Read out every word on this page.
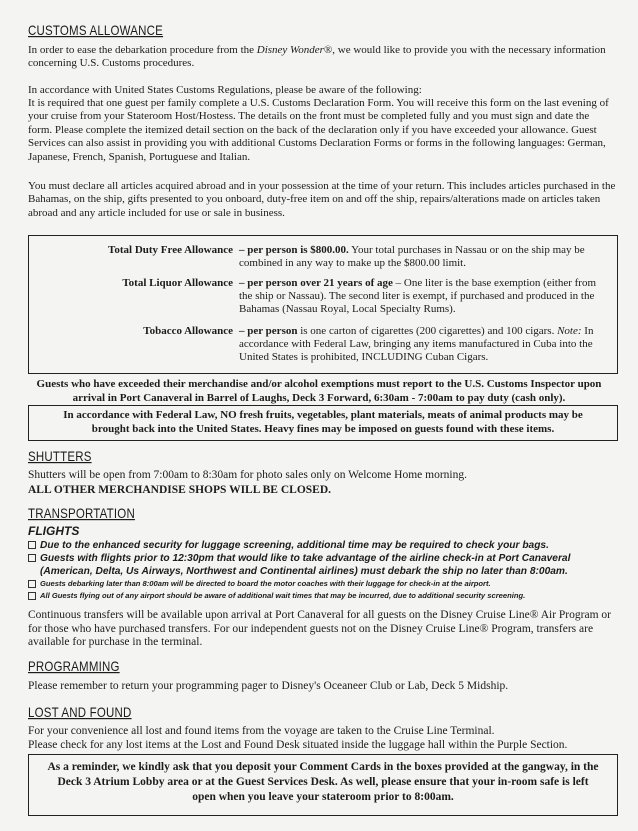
CUSTOMS ALLOWANCE

In order to ease the debarkation procedure from the Disney Wonder®, we would like to provide you with the necessary information concerning U.S. Customs procedures.

In accordance with United States Customs Regulations, please be aware of the following:

It is required that one guest per family complete a U.S. Customs Declaration Form. You will receive this form on the last evening of your cruise from your Stateroom Host/Hostess. The details on the front must be completed fully and you must sign and date the form. Please complete the itemized detail section on the back of the declaration only if you have exceeded your allowance. Guest Services can also assist in providing you with additional Customs Declaration Forms or forms in the following languages: German, Japanese, French, Spanish, Portuguese and Italian.

You must declare all articles acquired abroad and in your possession at the time of your return. This includes articles purchased in the Bahamas, on the ship, gifts presented to you onboard, duty-free item on and off the ship, repairs/alterations made on articles taken abroad and any article included for use or sale in business.

Total Duty Free Allowance – per person is $800.00. Your total purchases in Nassau or on the ship may be combined in any way to make up the $800.00 limit.
Total Liquor Allowance – per person over 21 years of age – One liter is the base exemption (either from the ship or Nassau). The second liter is exempt, if purchased and produced in the Bahamas (Nassau Royal, Local Specialty Rums).
Tobacco Allowance – per person is one carton of cigarettes (200 cigarettes) and 100 cigars. Note: In accordance with Federal Law, bringing any items manufactured in Cuba into the United States is prohibited, INCLUDING Cuban Cigars.
Guests who have exceeded their merchandise and/or alcohol exemptions must report to the U.S. Customs Inspector upon arrival in Port Canaveral in Barrel of Laughs, Deck 3 Forward, 6:30am - 7:00am to pay duty (cash only).
In accordance with Federal Law, NO fresh fruits, vegetables, plant materials, meats of animal products may be brought back into the United States. Heavy fines may be imposed on guests found with these items.
SHUTTERS

Shutters will be open from 7:00am to 8:30am for photo sales only on Welcome Home morning.

ALL OTHER MERCHANDISE SHOPS WILL BE CLOSED.

TRANSPORTATION
FLIGHTS
Due to the enhanced security for luggage screening, additional time may be required to check your bags.
Guests with flights prior to 12:30pm that would like to take advantage of the airline check-in at Port Canaveral (American, Delta, Us Airways, Northwest and Continental airlines) must debark the ship no later than 8:00am.
Guests debarking later than 8:00am will be directed to board the motor coaches with their luggage for check-in at the airport.
All Guests flying out of any airport should be aware of additional wait times that may be incurred, due to additional security screening.

Continuous transfers will be available upon arrival at Port Canaveral for all guests on the Disney Cruise Line® Air Program or for those who have purchased transfers. For our independent guests not on the Disney Cruise Line® Program, transfers are available for purchase in the terminal.

PROGRAMMING

Please remember to return your programming pager to Disney's Oceaneer Club or Lab, Deck 5 Midship.

LOST AND FOUND

For your convenience all lost and found items from the voyage are taken to the Cruise Line Terminal.

Please check for any lost items at the Lost and Found Desk situated inside the luggage hall within the Purple Section.

As a reminder, we kindly ask that you deposit your Comment Cards in the boxes provided at the gangway, in the Deck 3 Atrium Lobby area or at the Guest Services Desk. As well, please ensure that your in-room safe is left open when you leave your stateroom prior to 8:00am.
